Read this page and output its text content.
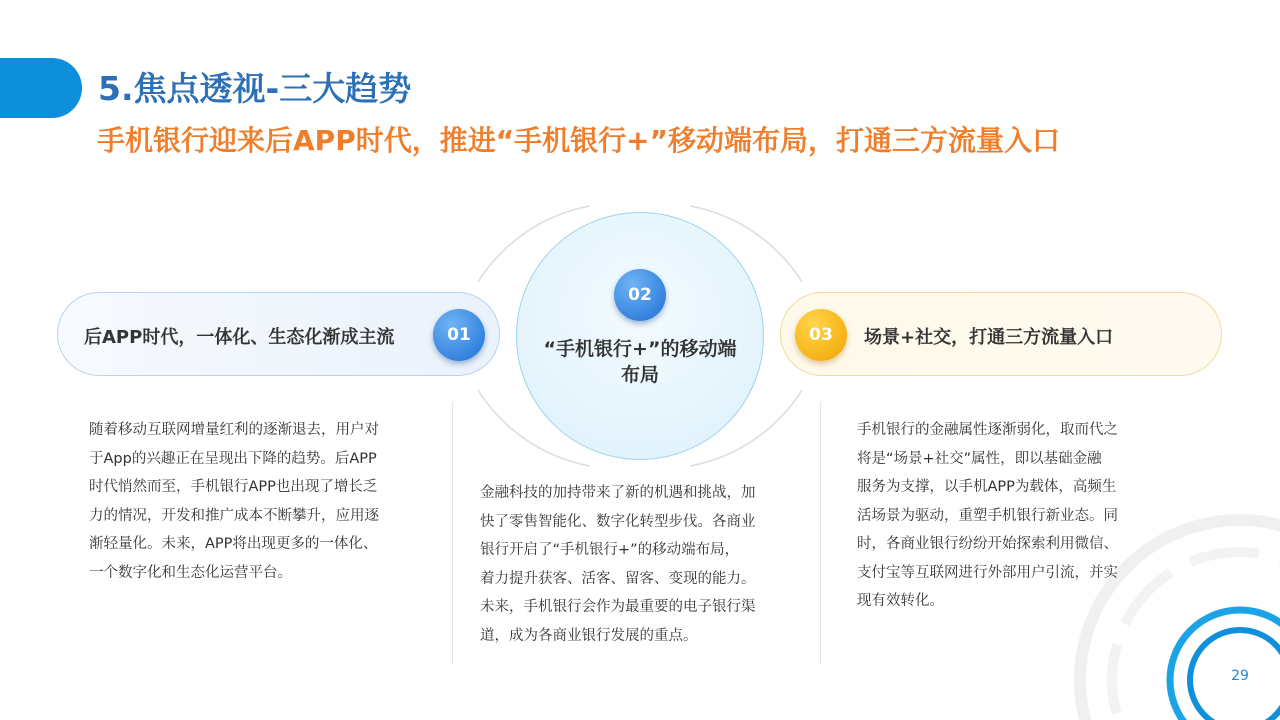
5.焦点透视-三大趋势
手机银行迎来后APP时代，推进“手机银行+”移动端布局，打通三方流量入口
后APP时代，一体化、生态化渐成主流	01
02
“手机银行+”的移动端
布局
03	场景+社交，打通三方流量入口
随着移动互联网增量红利的逐渐退去，用户对
于App的兴趣正在呈现出下降的趋势。后APP
时代悄然而至，手机银行APP也出现了增长乏
力的情况，开发和推广成本不断攀升，应用逐
渐轻量化。未来，APP将出现更多的一体化、
一个数字化和生态化运营平台。
金融科技的加持带来了新的机遇和挑战，加
快了零售智能化、数字化转型步伐。各商业
银行开启了“手机银行+”的移动端布局，
着力提升获客、活客、留客、变现的能力。
未来，手机银行会作为最重要的电子银行渠
道，成为各商业银行发展的重点。
手机银行的金融属性逐渐弱化，取而代之
将是“场景+社交”属性，即以基础金融
服务为支撑，以手机APP为载体，高频生
活场景为驱动，重塑手机银行新业态。同
时，各商业银行纷纷开始探索利用微信、
支付宝等互联网进行外部用户引流，并实
现有效转化。
29
